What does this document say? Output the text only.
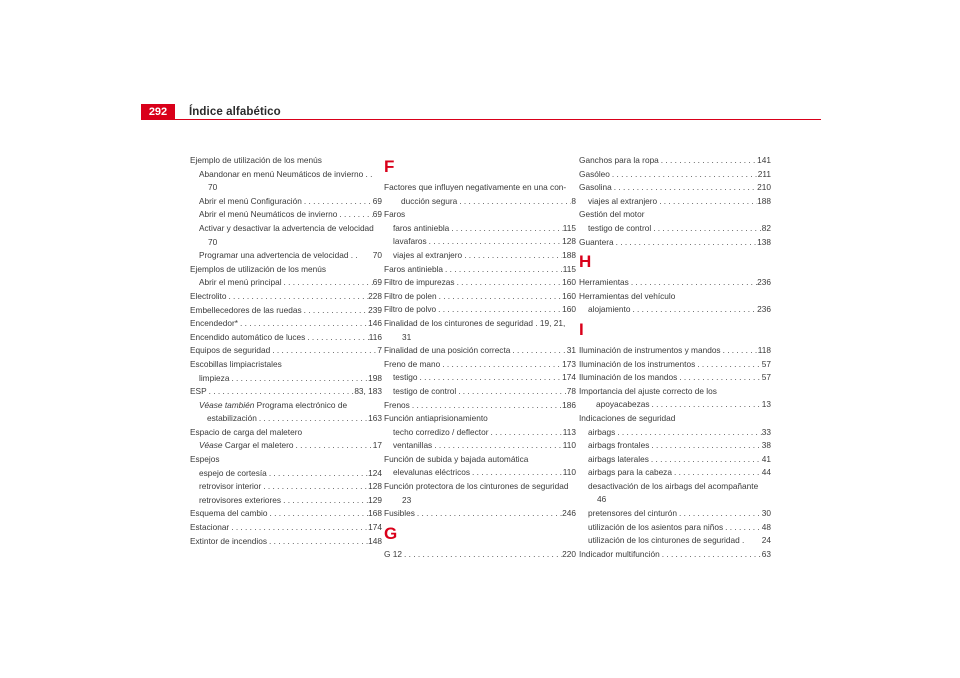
292	Índice alfabético
Ejemplo de utilización de los menús
Abandonar en menú Neumáticos de invierno . .
70
Abrir el menú Configuración . . .	69
Abrir el menú Neumáticos de invierno . . .	69
Activar y desactivar la advertencia de velocidad
70
Programar una advertencia de velocidad . . 70
Ejemplos de utilización de los menús
Abrir el menú principal . . .	69
Electrolito . . .	228
Embellecedores de las ruedas . . .	239
Encendedor* . . .	146
Encendido automático de luces . . .	116
Equipos de seguridad . . .	7
Escobillas limpiacristales
limpieza . . .	198
ESP . . .	83, 183
Véase también Programa electrónico de
estabilización . . .	163
Espacio de carga del maletero
Véase Cargar el maletero . . .	17
Espejos
espejo de cortesía . . .	124
retrovisor interior . . .	128
retrovisores exteriores . . .	129
Esquema del cambio . . .	168
Estacionar . . .	174
Extintor de incendios . . .	148
F
Factores que influyen negativamente en una con-
ducción segura . . .	8
Faros
faros antiniebla . . .	115
lavafaros . . .	128
viajes al extranjero . . .	188
Faros antiniebla . . .	115
Filtro de impurezas . . .	160
Filtro de polen . . .	160
Filtro de polvo . . .	160
Finalidad de los cinturones de seguridad . 19, 21,
31
Finalidad de una posición correcta . . .	31
Freno de mano . . .	173
testigo . . .	174
testigo de control . . .	78
Frenos . . .	186
Función antiaprisionamiento
techo corredizo / deflector . . .	113
ventanillas . . .	110
Función de subida y bajada automática
elevalunas eléctricos . . .	110
Función protectora de los cinturones de seguridad
23
Fusibles . . .	246
G
G 12 . . .	220
Ganchos para la ropa . . .	141
Gasóleo . . .	211
Gasolina . . .	210
viajes al extranjero . . .	188
Gestión del motor
testigo de control . . .	82
Guantera . . .	138
H
Herramientas . . .	236
Herramientas del vehículo
alojamiento . . .	236
I
Iluminación de instrumentos y mandos . . .	118
Iluminación de los instrumentos . . .	57
Iluminación de los mandos . . .	57
Importancia del ajuste correcto de los
apoyacabezas . . .	13
Indicaciones de seguridad
airbags . . .	33
airbags frontales . . .	38
airbags laterales . . .	41
airbags para la cabeza . . .	44
desactivación de los airbags del acompañante
46
pretensores del cinturón . . .	30
utilización de los asientos para niños . . .	48
utilización de los cinturones de seguridad . 24
Indicador multifunción . . .	63
